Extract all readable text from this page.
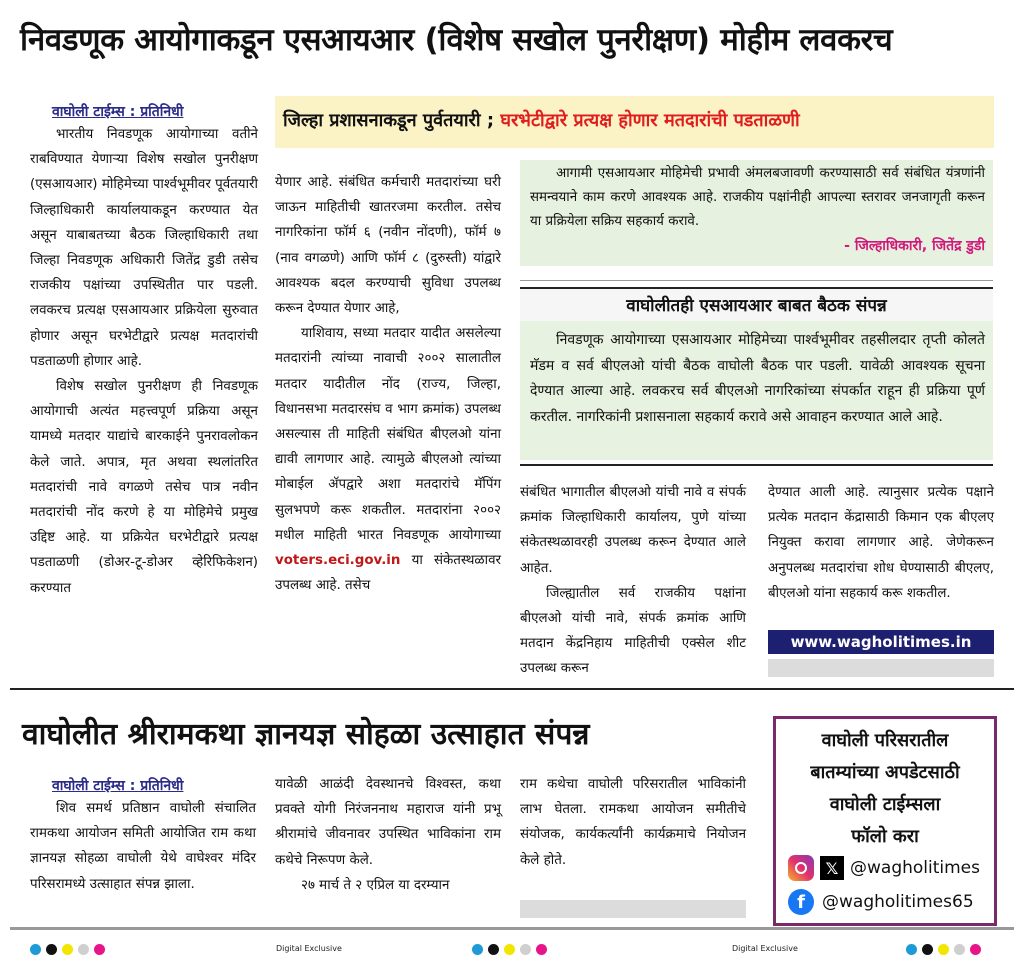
निवडणूक आयोगाकडून एसआयआर (विशेष सखोल पुनरीक्षण) मोहीम लवकरच
वाघोली टाईम्स : प्रतिनिधी

भारतीय निवडणूक आयोगाच्या वतीने राबविण्यात येणाऱ्या विशेष सखोल पुनरीक्षण (एसआयआर) मोहिमेच्या पार्श्वभूमीवर पूर्वतयारी जिल्हाधिकारी कार्यालयाकडून करण्यात येत असून याबाबतच्या बैठक जिल्हाधिकारी तथा जिल्हा निवडणूक अधिकारी जितेंद्र डुडी तसेच राजकीय पक्षांच्या उपस्थितीत पार पडली. लवकरच प्रत्यक्ष एसआयआर प्रक्रियेला सुरुवात होणार असून घरभेटीद्वारे प्रत्यक्ष मतदारांची पडताळणी होणार आहे.

विशेष सखोल पुनरीक्षण ही निवडणूक आयोगाची अत्यंत महत्त्वपूर्ण प्रक्रिया असून यामध्ये मतदार याद्यांचे बारकाईने पुनरावलोकन केले जाते. अपात्र, मृत अथवा स्थलांतरित मतदारांची नावे वगळणे तसेच पात्र नवीन मतदारांची नोंद करणे हे या मोहिमेचे प्रमुख उद्दिष्ट आहे. या प्रक्रियेत घरभेटीद्वारे प्रत्यक्ष पडताळणी (डोअर-टू-डोअर व्हेरिफिकेशन) करण्यात

जिल्हा प्रशासनाकडून पुर्वतयारी ; घरभेटीद्वारे प्रत्यक्ष होणार मतदारांची पडताळणी

येणार आहे. संबंधित कर्मचारी मतदारांच्या घरी जाऊन माहितीची खातरजमा करतील. तसेच नागरिकांना फॉर्म ६ (नवीन नोंदणी), फॉर्म ७ (नाव वगळणे) आणि फॉर्म ८ (दुरुस्ती) यांद्वारे आवश्यक बदल करण्याची सुविधा उपलब्ध करून देण्यात येणार आहे,

याशिवाय, सध्या मतदार यादीत असलेल्या मतदारांनी त्यांच्या नावाची २००२ सालातील मतदार यादीतील नोंद (राज्य, जिल्हा, विधानसभा मतदारसंघ व भाग क्रमांक) उपलब्ध असल्यास ती माहिती संबंधित बीएलओ यांना द्यावी लागणार आहे. त्यामुळे बीएलओ त्यांच्या मोबाईल ॲपद्वारे अशा मतदारांचे मॅपिंग सुलभपणे करू शकतील. मतदारांना २००२ मधील माहिती भारत निवडणूक आयोगाच्या voters.eci.gov.in या संकेतस्थळावर उपलब्ध आहे. तसेच

आगामी एसआयआर मोहिमेची प्रभावी अंमलबजावणी करण्यासाठी सर्व संबंधित यंत्रणांनी समन्वयाने काम करणे आवश्यक आहे. राजकीय पक्षांनीही आपल्या स्तरावर जनजागृती करून या प्रक्रियेला सक्रिय सहकार्य करावे.

- जिल्हाधिकारी, जितेंद्र डुडी
वाघोलीतही एसआयआर बाबत बैठक संपन्न

निवडणूक आयोगाच्या एसआयआर मोहिमेच्या पार्श्वभूमीवर तहसीलदार तृप्ती कोलते मॅडम व सर्व बीएलओ यांची बैठक वाघोली बैठक पार पडली. यावेळी आवश्यक सूचना देण्यात आल्या आहे. लवकरच सर्व बीएलओ नागरिकांच्या संपर्कात राहून ही प्रक्रिया पूर्ण करतील. नागरिकांनी प्रशासनाला सहकार्य करावे असे आवाहन करण्यात आले आहे.

संबंधित भागातील बीएलओ यांची नावे व संपर्क क्रमांक जिल्हाधिकारी कार्यालय, पुणे यांच्या संकेतस्थळावरही उपलब्ध करून देण्यात आले आहेत.

जिल्ह्यातील सर्व राजकीय पक्षांना बीएलओ यांची नावे, संपर्क क्रमांक आणि मतदान केंद्रनिहाय माहितीची एक्सेल शीट उपलब्ध करून

देण्यात आली आहे. त्यानुसार प्रत्येक पक्षाने प्रत्येक मतदान केंद्रासाठी किमान एक बीएलए नियुक्त करावा लागणार आहे. जेणेकरून अनुपलब्ध मतदारांचा शोध घेण्यासाठी बीएलए, बीएलओ यांना सहकार्य करू शकतील.

www.wagholitimes.in
वाघोलीत श्रीरामकथा ज्ञानयज्ञ सोहळा उत्साहात संपन्न
वाघोली टाईम्स : प्रतिनिधी

शिव समर्थ प्रतिष्ठान वाघोली संचालित रामकथा आयोजन समिती आयोजित राम कथा ज्ञानयज्ञ सोहळा वाघोली येथे वाघेश्वर मंदिर परिसरामध्ये उत्साहात संपन्न झाला.

यावेळी आळंदी देवस्थानचे विश्वस्त, कथा प्रवक्ते योगी निरंजननाथ महाराज यांनी प्रभू श्रीरामांचे जीवनावर उपस्थित भाविकांना राम कथेचे निरूपण केले.

२७ मार्च ते २ एप्रिल या दरम्यान

राम कथेचा वाघोली परिसरातील भाविकांनी लाभ घेतला. रामकथा आयोजन समीतीचे संयोजक, कार्यकर्त्यांनी कार्यक्रमाचे नियोजन केले होते.

वाघोली परिसरातील
बातम्यांच्या अपडेटसाठी
वाघोली टाईम्सला
फॉलो करा
𝕏 @wagholitimes
f	@wagholitimes65
Digital Exclusive	Digital Exclusive
